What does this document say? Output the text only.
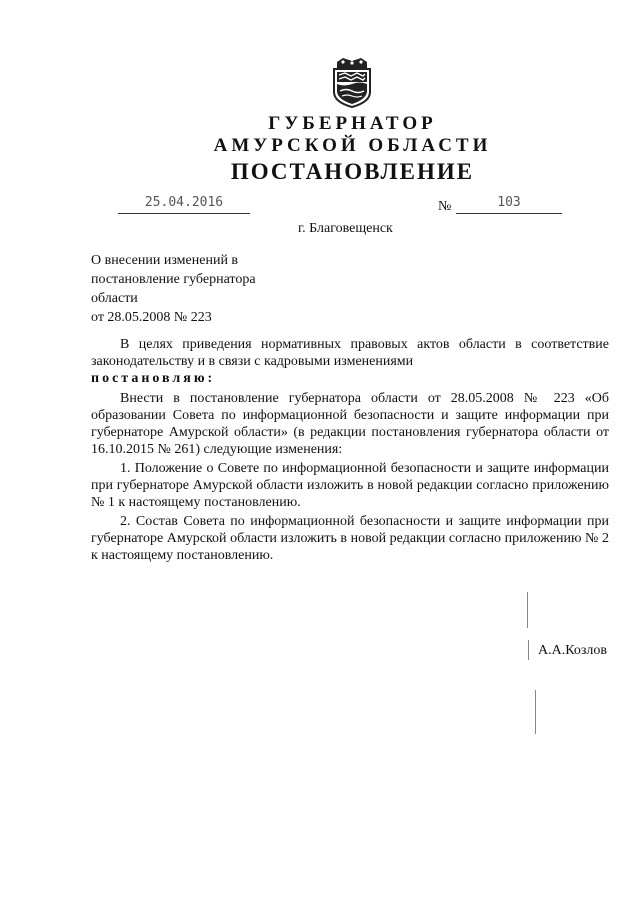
ГУБЕРНАТОР
АМУРСКОЙ ОБЛАСТИ
ПОСТАНОВЛЕНИЕ
25.04.2016	№	103
г. Благовещенск
О внесении изменений в
постановление губернатора
области
от 28.05.2008 № 223
В целях приведения нормативных правовых актов области в соответствие законодательству и в связи с кадровыми изменениями
постановляю:
Внести в постановление губернатора области от 28.05.2008 № 223 «Об образовании Совета по информационной безопасности и защите информации при губернаторе Амурской области» (в редакции постановления губернатора области от 16.10.2015 № 261) следующие изменения:
1. Положение о Совете по информационной безопасности и защите информации при губернаторе Амурской области изложить в новой редакции согласно приложению № 1 к настоящему постановлению.
2. Состав Совета по информационной безопасности и защите информации при губернаторе Амурской области изложить в новой редакции согласно приложению № 2 к настоящему постановлению.
А.А.Козлов
